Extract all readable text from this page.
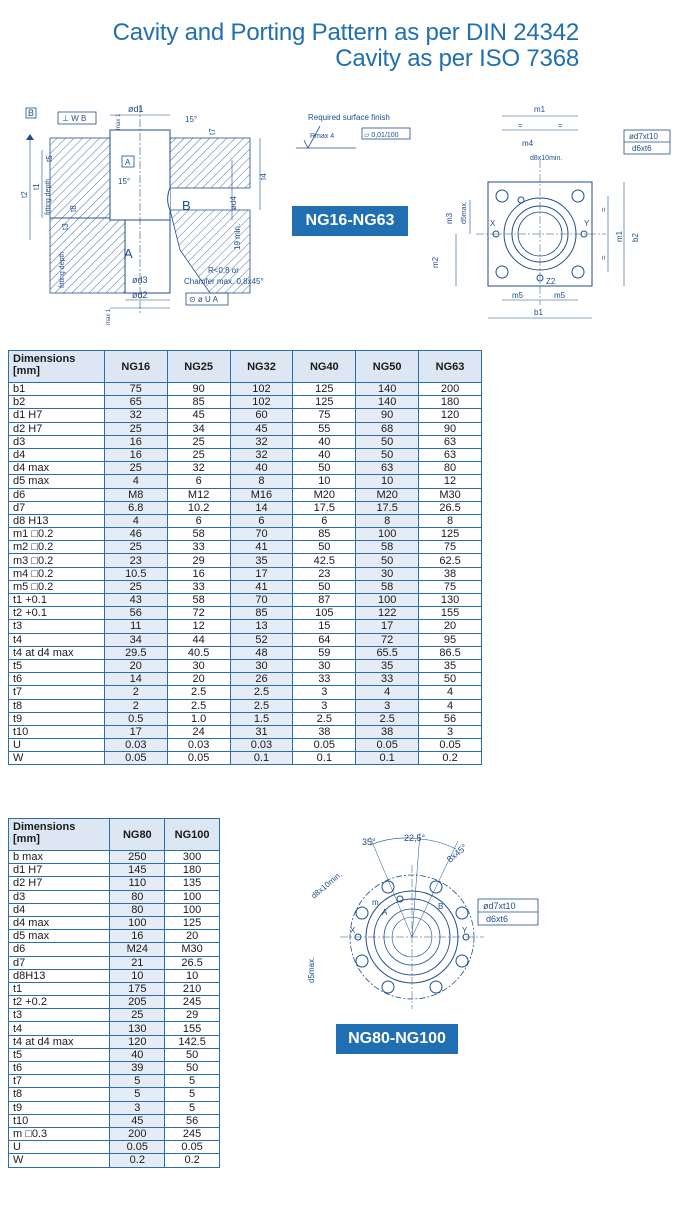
Cavity and Porting Pattern as per DIN 24342
Cavity as per ISO 7368
B
⊥ W B
ød1
15°
A
t7
t5
t4
t1
t2 fitting depth t8
15°
B	ød4
t3	19 min.
fitting depth	A
ød3
R<0,8 or
Chamfer max. 0,8x45°
ød2	⊙ ø U A
max 1
max 1
Required surface finish
Rmax 4	⏥ 0,01/100
NG16-NG63
m1
=	=
m4
d8x10min.
ød7xt10
d6xt6
m3 d5max.	X	Y
m2
m1 b2
=
=
Z2
m5	m5
b1
Dimensions
[mm]	NG16	NG25	NG32	NG40	NG50	NG63
b1	75	90	102	125	140	200
b2	65	85	102	125	140	180
d1 H7	32	45	60	75	90	120
d2 H7	25	34	45	55	68	90
d3	16	25	32	40	50	63
d4	16	25	32	40	50	63
d4 max	25	32	40	50	63	80
d5 max	4	6	8	10	10	12
d6	M8	M12	M16	M20	M20	M30
d7	6.8	10.2	14	17.5	17.5	26.5
d8 H13	4	6	6	6	8	8
m1 □0.2	46	58	70	85	100	125
m2 □0.2	25	33	41	50	58	75
m3 □0.2	23	29	35	42.5	50	62.5
m4 □0.2	10.5	16	17	23	30	38
m5 □0.2	25	33	41	50	58	75
t1 +0.1	43	58	70	87	100	130
t2 +0.1	56	72	85	105	122	155
t3	11	12	13	15	17	20
t4	34	44	52	64	72	95
t4 at d4 max	29.5	40.5	48	59	65.5	86.5
t5	20	30	30	30	35	35
t6	14	20	26	33	33	50
t7	2	2.5	2.5	3	4	4
t8	2	2.5	2.5	3	3	4
t9	0.5	1.0	1.5	2.5	2.5	56
t10	17	24	31	38	38	3
U	0.03	0.03	0.03	0.05	0.05	0.05
W	0.05	0.05	0.1	0.1	0.1	0.2
Dimensions
[mm]	NG80	NG100
b max	250	300
d1 H7	145	180
d2 H7	110	135
d3	80	100
d4	80	100
d4 max	100	125
d5 max	16	20
d6	M24	M30
d7	21	26.5
d8H13	10	10
t1	175	210
t2 +0.2	205	245
t3	25	29
t4	130	155
t4 at d4 max	120	142.5
t5	40	50
t6	39	50
t7	5	5
t8	5	5
t9	3	5
t10	45	56
m □0.3	200	245
U	0.05	0.05
W	0.2	0.2
35°	22,5°
8x45°
d8x10min.
ød7xt10
d6xt6
X	Y
d5max.
A
B
m
NG80-NG100
